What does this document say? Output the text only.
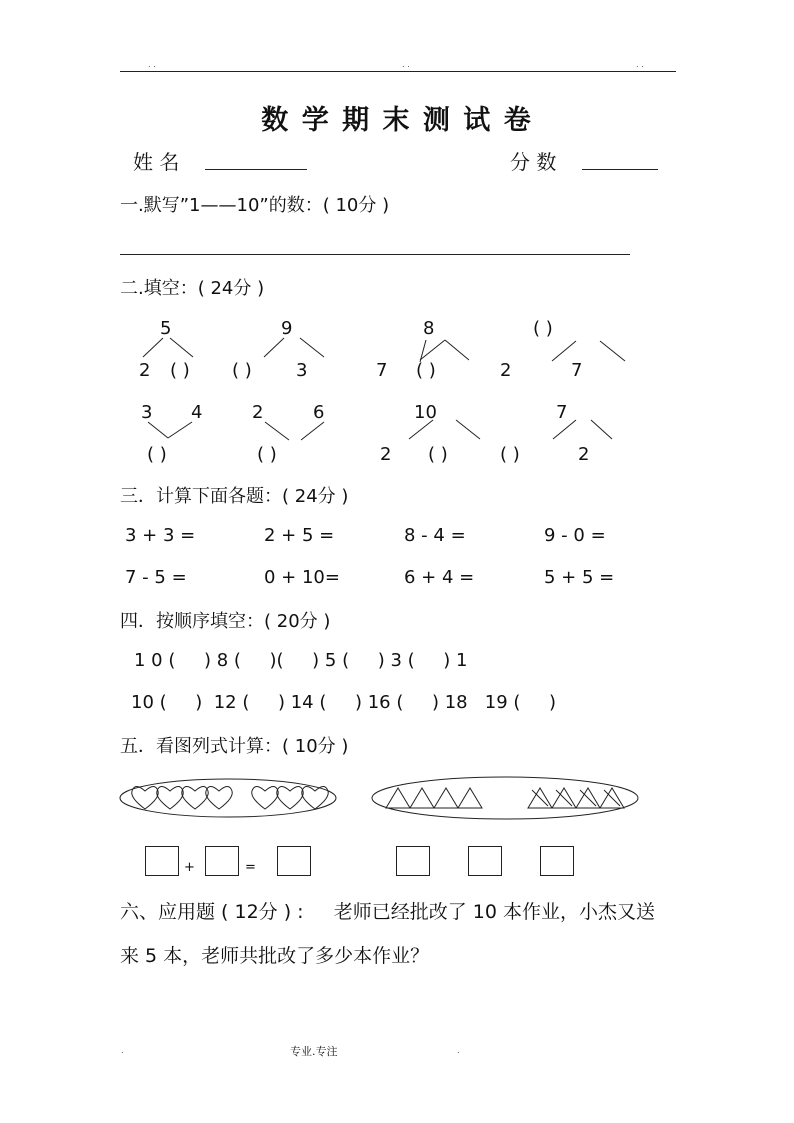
. .	. .	. .
数 学 期 末 测 试 卷
姓 名	分 数
一.默写”1——10”的数：( 10分 )
二.填空：( 24分 )
5
2 ( )
9
( ) 3
8
7 ( )
( )
2	7
3 4
( )
2	6
( )
10
2 ( )
7
( )	2
三．计算下面各题：( 24分 )
3 + 3 =	2 + 5 =	8 - 4 =	9 - 0 =
7 - 5 =	0 + 10=	6 + 4 =	5 + 5 =
四．按顺序填空：( 20分 )
1 0 (     ) 8 (     )(     ) 5 (     ) 3 (     ) 1
10 (     )  12 (     ) 14 (     ) 16 (     ) 18   19 (     )
五．看图列式计算：( 10分 )
+	=
六、应用题 ( 12分 ) :     老师已经批改了 10 本作业，小杰又送
来 5 本，老师共批改了多少本作业？
.	专业.专注	.
